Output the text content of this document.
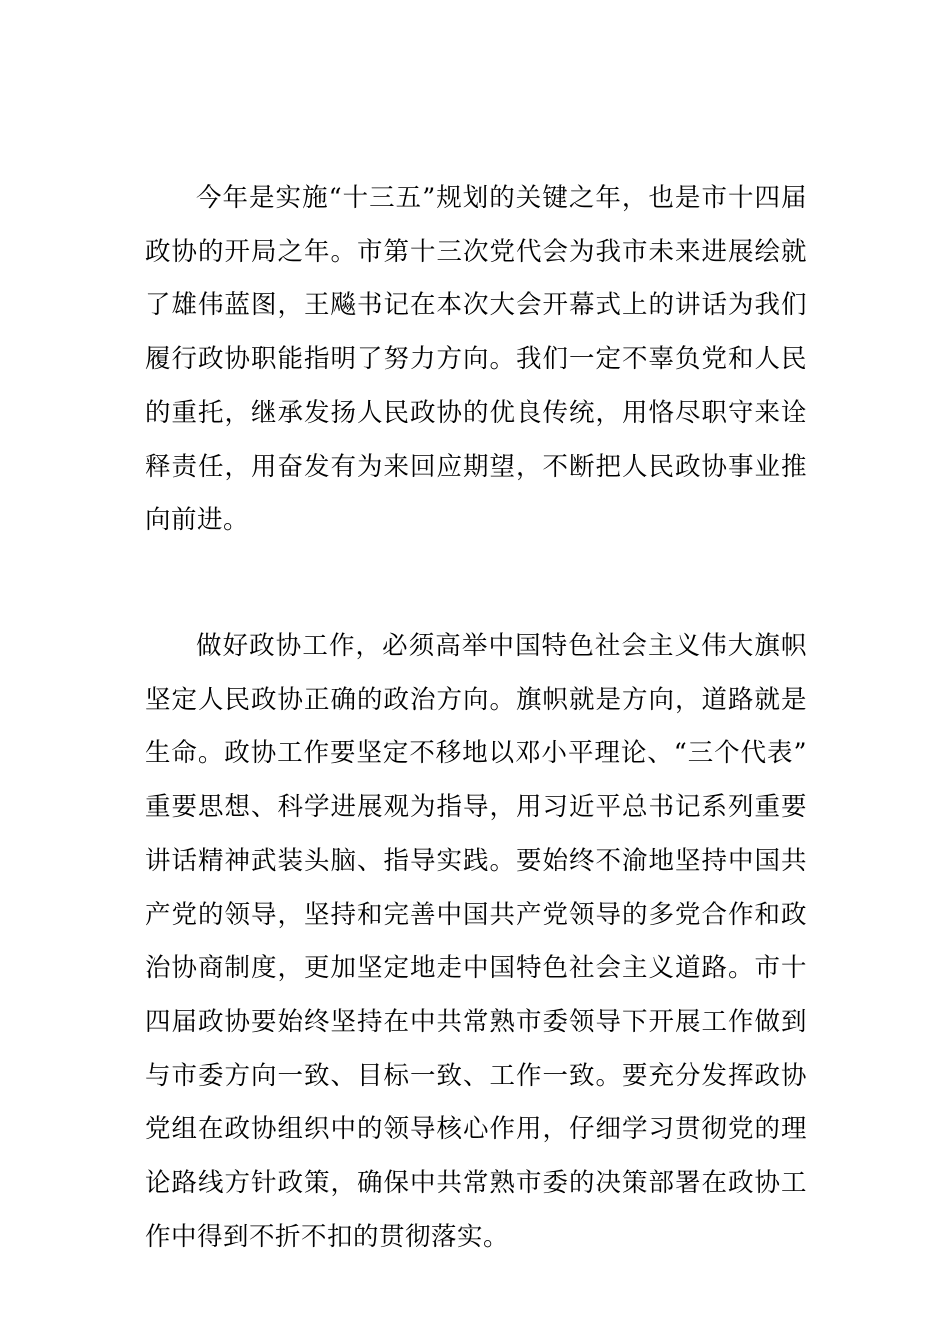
今年是实施“十三五”规划的关键之年，也是市十四届政协的开局之年。市第十三次党代会为我市未来进展绘就了雄伟蓝图，王飚书记在本次大会开幕式上的讲话为我们履行政协职能指明了努力方向。我们一定不辜负党和人民的重托，继承发扬人民政协的优良传统，用恪尽职守来诠释责任，用奋发有为来回应期望，不断把人民政协事业推向前进。

做好政协工作，必须高举中国特色社会主义伟大旗帜坚定人民政协正确的政治方向。旗帜就是方向，道路就是生命。政协工作要坚定不移地以邓小平理论、“三个代表”重要思想、科学进展观为指导，用习近平总书记系列重要讲话精神武装头脑、指导实践。要始终不渝地坚持中国共产党的领导，坚持和完善中国共产党领导的多党合作和政治协商制度，更加坚定地走中国特色社会主义道路。市十四届政协要始终坚持在中共常熟市委领导下开展工作做到与市委方向一致、目标一致、工作一致。要充分发挥政协党组在政协组织中的领导核心作用，仔细学习贯彻党的理论路线方针政策，确保中共常熟市委的决策部署在政协工作中得到不折不扣的贯彻落实。
